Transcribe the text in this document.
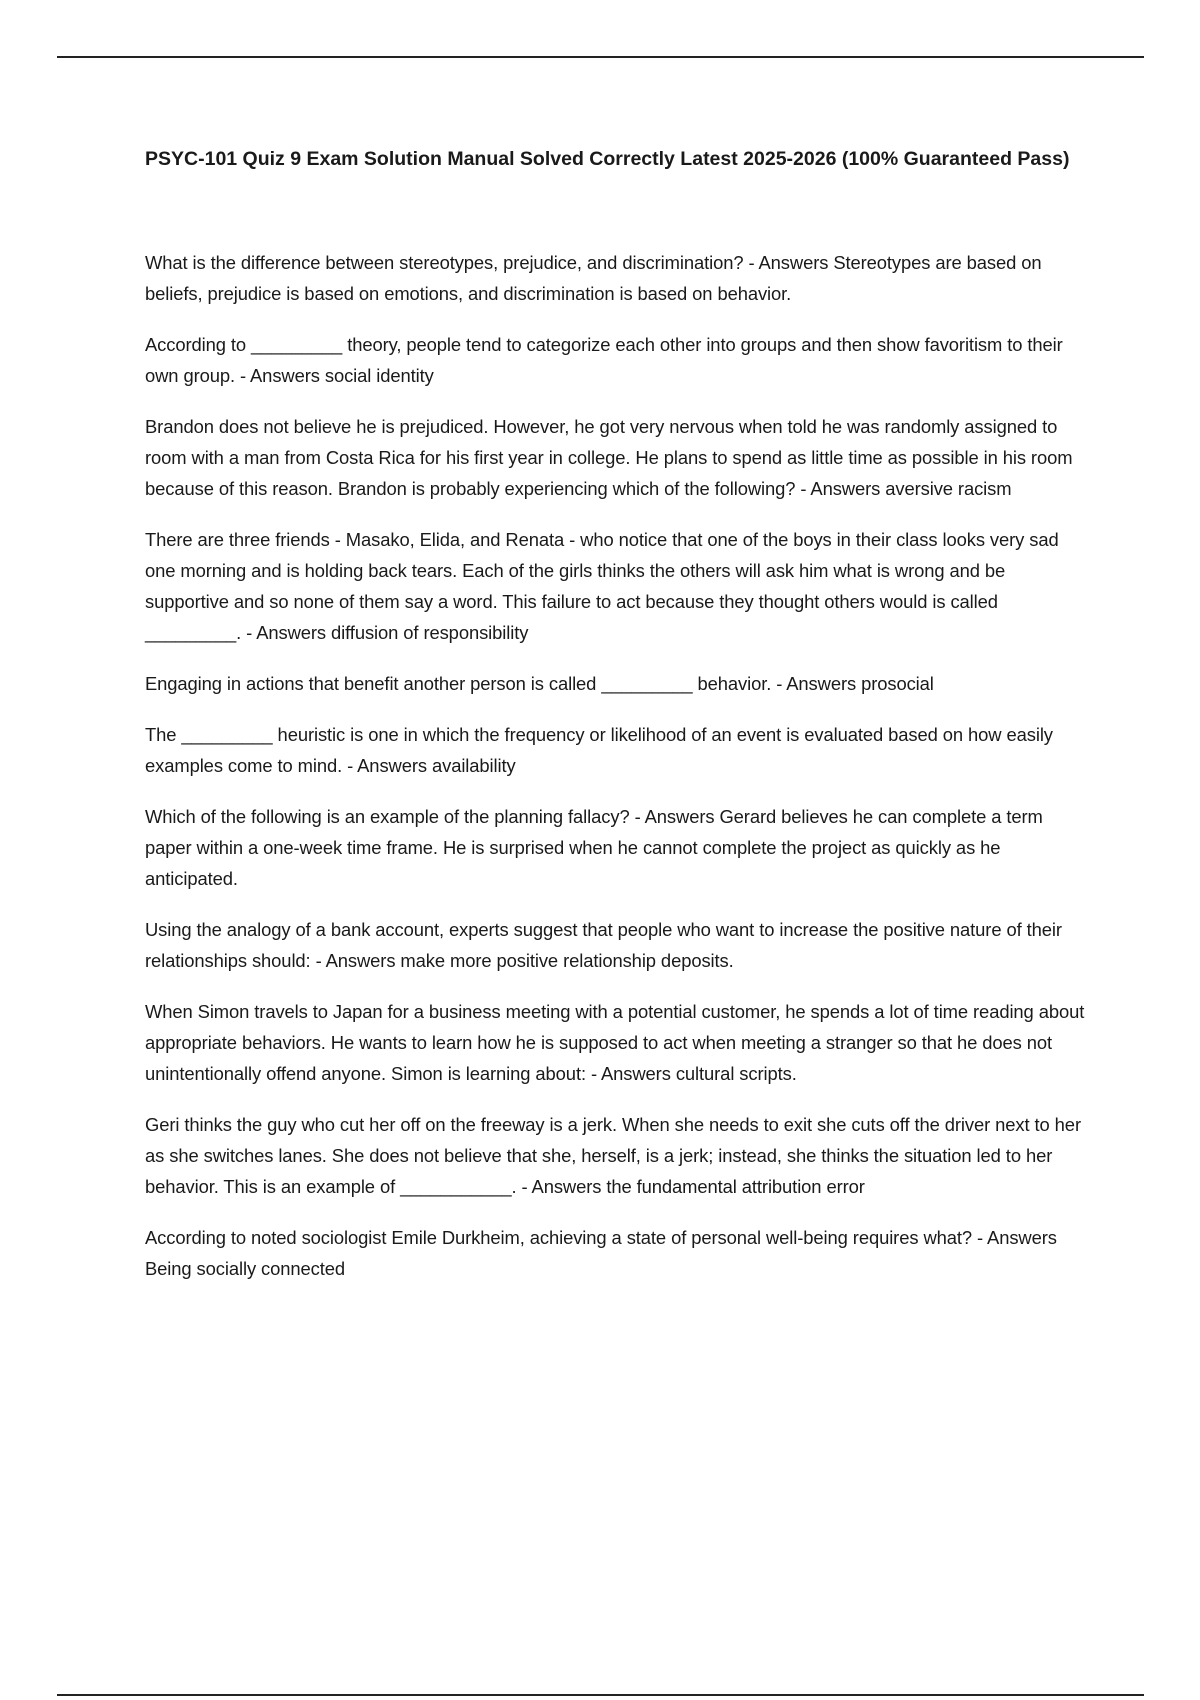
PSYC-101 Quiz 9 Exam Solution Manual Solved Correctly Latest 2025-2026 (100% Guaranteed Pass)

What is the difference between stereotypes, prejudice, and discrimination? - Answers Stereotypes are based on beliefs, prejudice is based on emotions, and discrimination is based on behavior.

According to _________ theory, people tend to categorize each other into groups and then show favoritism to their own group. - Answers social identity

Brandon does not believe he is prejudiced. However, he got very nervous when told he was randomly assigned to room with a man from Costa Rica for his first year in college. He plans to spend as little time as possible in his room because of this reason. Brandon is probably experiencing which of the following? - Answers aversive racism

There are three friends - Masako, Elida, and Renata - who notice that one of the boys in their class looks very sad one morning and is holding back tears. Each of the girls thinks the others will ask him what is wrong and be supportive and so none of them say a word. This failure to act because they thought others would is called _________. - Answers diffusion of responsibility

Engaging in actions that benefit another person is called _________ behavior. - Answers prosocial

The _________ heuristic is one in which the frequency or likelihood of an event is evaluated based on how easily examples come to mind. - Answers availability

Which of the following is an example of the planning fallacy? - Answers Gerard believes he can complete a term paper within a one-week time frame. He is surprised when he cannot complete the project as quickly as he anticipated.

Using the analogy of a bank account, experts suggest that people who want to increase the positive nature of their relationships should: - Answers make more positive relationship deposits.

When Simon travels to Japan for a business meeting with a potential customer, he spends a lot of time reading about appropriate behaviors. He wants to learn how he is supposed to act when meeting a stranger so that he does not unintentionally offend anyone. Simon is learning about: - Answers cultural scripts.

Geri thinks the guy who cut her off on the freeway is a jerk. When she needs to exit she cuts off the driver next to her as she switches lanes. She does not believe that she, herself, is a jerk; instead, she thinks the situation led to her behavior. This is an example of ___________. - Answers the fundamental attribution error

According to noted sociologist Emile Durkheim, achieving a state of personal well-being requires what? - Answers Being socially connected
